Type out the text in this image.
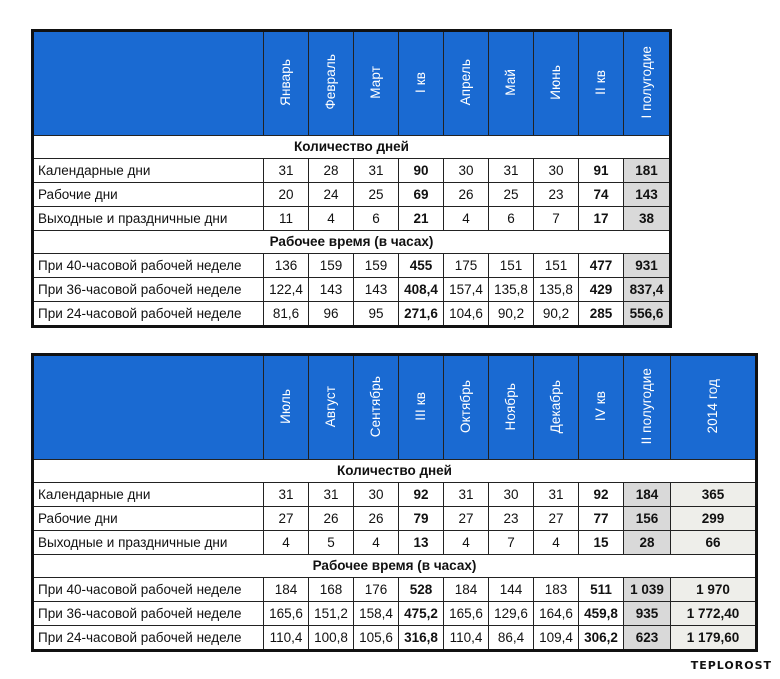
	Январь	Февраль	Март	I кв	Апрель	Май	Июнь	II кв	I полугодие
Количество дней									
Календарные дни	31	28	31	90	30	31	30	91	181
Рабочие дни	20	24	25	69	26	25	23	74	143
Выходные и праздничные дни	11	4	6	21	4	6	7	17	38
Рабочее время (в часах)									
При 40-часовой рабочей неделе	136	159	159	455	175	151	151	477	931
При 36-часовой рабочей неделе	122,4	143	143	408,4	157,4	135,8	135,8	429	837,4
При 24-часовой рабочей неделе	81,6	96	95	271,6	104,6	90,2	90,2	285	556,6
	Июль	Август	Сентябрь	III кв	Октябрь	Ноябрь	Декабрь	IV кв	II полугодие	2014 год
Количество дней										
Календарные дни	31	31	30	92	31	30	31	92	184	365
Рабочие дни	27	26	26	79	27	23	27	77	156	299
Выходные и праздничные дни	4	5	4	13	4	7	4	15	28	66
Рабочее время (в часах)										
При 40-часовой рабочей неделе	184	168	176	528	184	144	183	511	1 039	1 970
При 36-часовой рабочей неделе	165,6	151,2	158,4	475,2	165,6	129,6	164,6	459,8	935	1 772,40
При 24-часовой рабочей неделе	110,4	100,8	105,6	316,8	110,4	86,4	109,4	306,2	623	1 179,60
TEPLOROST
